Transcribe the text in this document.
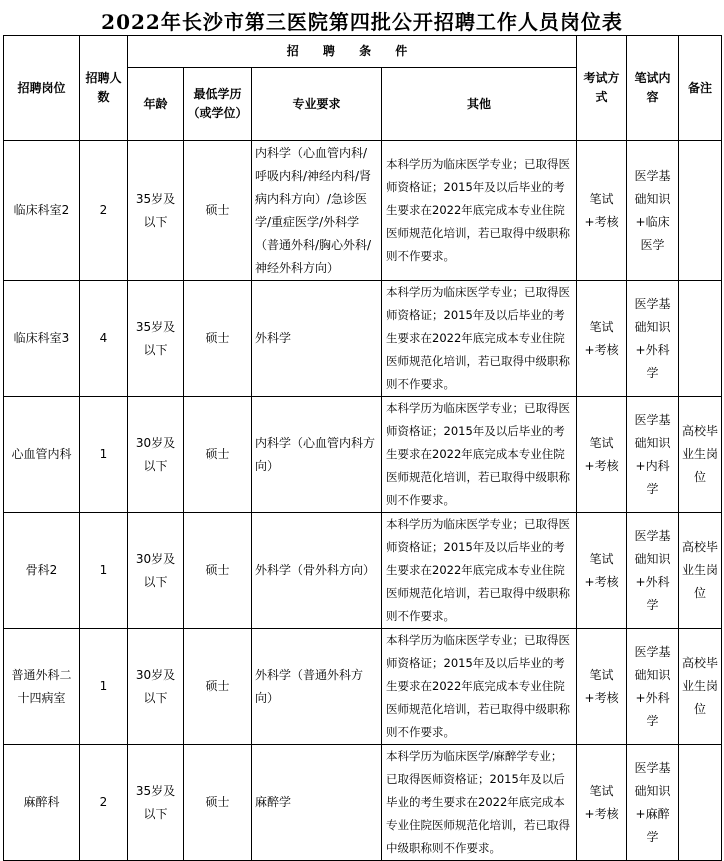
2022年长沙市第三医院第四批公开招聘工作人员岗位表
招聘岗位	招聘人数	招 聘 条 件				考试方式	笔试内容	备注
		年龄	最低学历（或学位）	专业要求	其他			
临床科室2	2	35岁及以下	硕士	内科学（心血管内科/呼吸内科/神经内科/肾病内科方向）/急诊医学/重症医学/外科学（普通外科/胸心外科/神经外科方向）	本科学历为临床医学专业；已取得医师资格证；2015年及以后毕业的考生要求在2022年底完成本专业住院医师规范化培训，若已取得中级职称则不作要求。	笔试+考核	医学基础知识+临床医学	
临床科室3	4	35岁及以下	硕士	外科学	本科学历为临床医学专业；已取得医师资格证；2015年及以后毕业的考生要求在2022年底完成本专业住院医师规范化培训，若已取得中级职称则不作要求。	笔试+考核	医学基础知识+外科学	
心血管内科	1	30岁及以下	硕士	内科学（心血管内科方向）	本科学历为临床医学专业；已取得医师资格证；2015年及以后毕业的考生要求在2022年底完成本专业住院医师规范化培训，若已取得中级职称则不作要求。	笔试+考核	医学基础知识+内科学	高校毕业生岗位
骨科2	1	30岁及以下	硕士	外科学（骨外科方向）	本科学历为临床医学专业；已取得医师资格证；2015年及以后毕业的考生要求在2022年底完成本专业住院医师规范化培训，若已取得中级职称则不作要求。	笔试+考核	医学基础知识+外科学	高校毕业生岗位
普通外科二十四病室	1	30岁及以下	硕士	外科学（普通外科方向）	本科学历为临床医学专业；已取得医师资格证；2015年及以后毕业的考生要求在2022年底完成本专业住院医师规范化培训，若已取得中级职称则不作要求。	笔试+考核	医学基础知识+外科学	高校毕业生岗位
麻醉科	2	35岁及以下	硕士	麻醉学	本科学历为临床医学/麻醉学专业；已取得医师资格证；2015年及以后毕业的考生要求在2022年底完成本专业住院医师规范化培训，若已取得中级职称则不作要求。	笔试+考核	医学基础知识+麻醉学	
